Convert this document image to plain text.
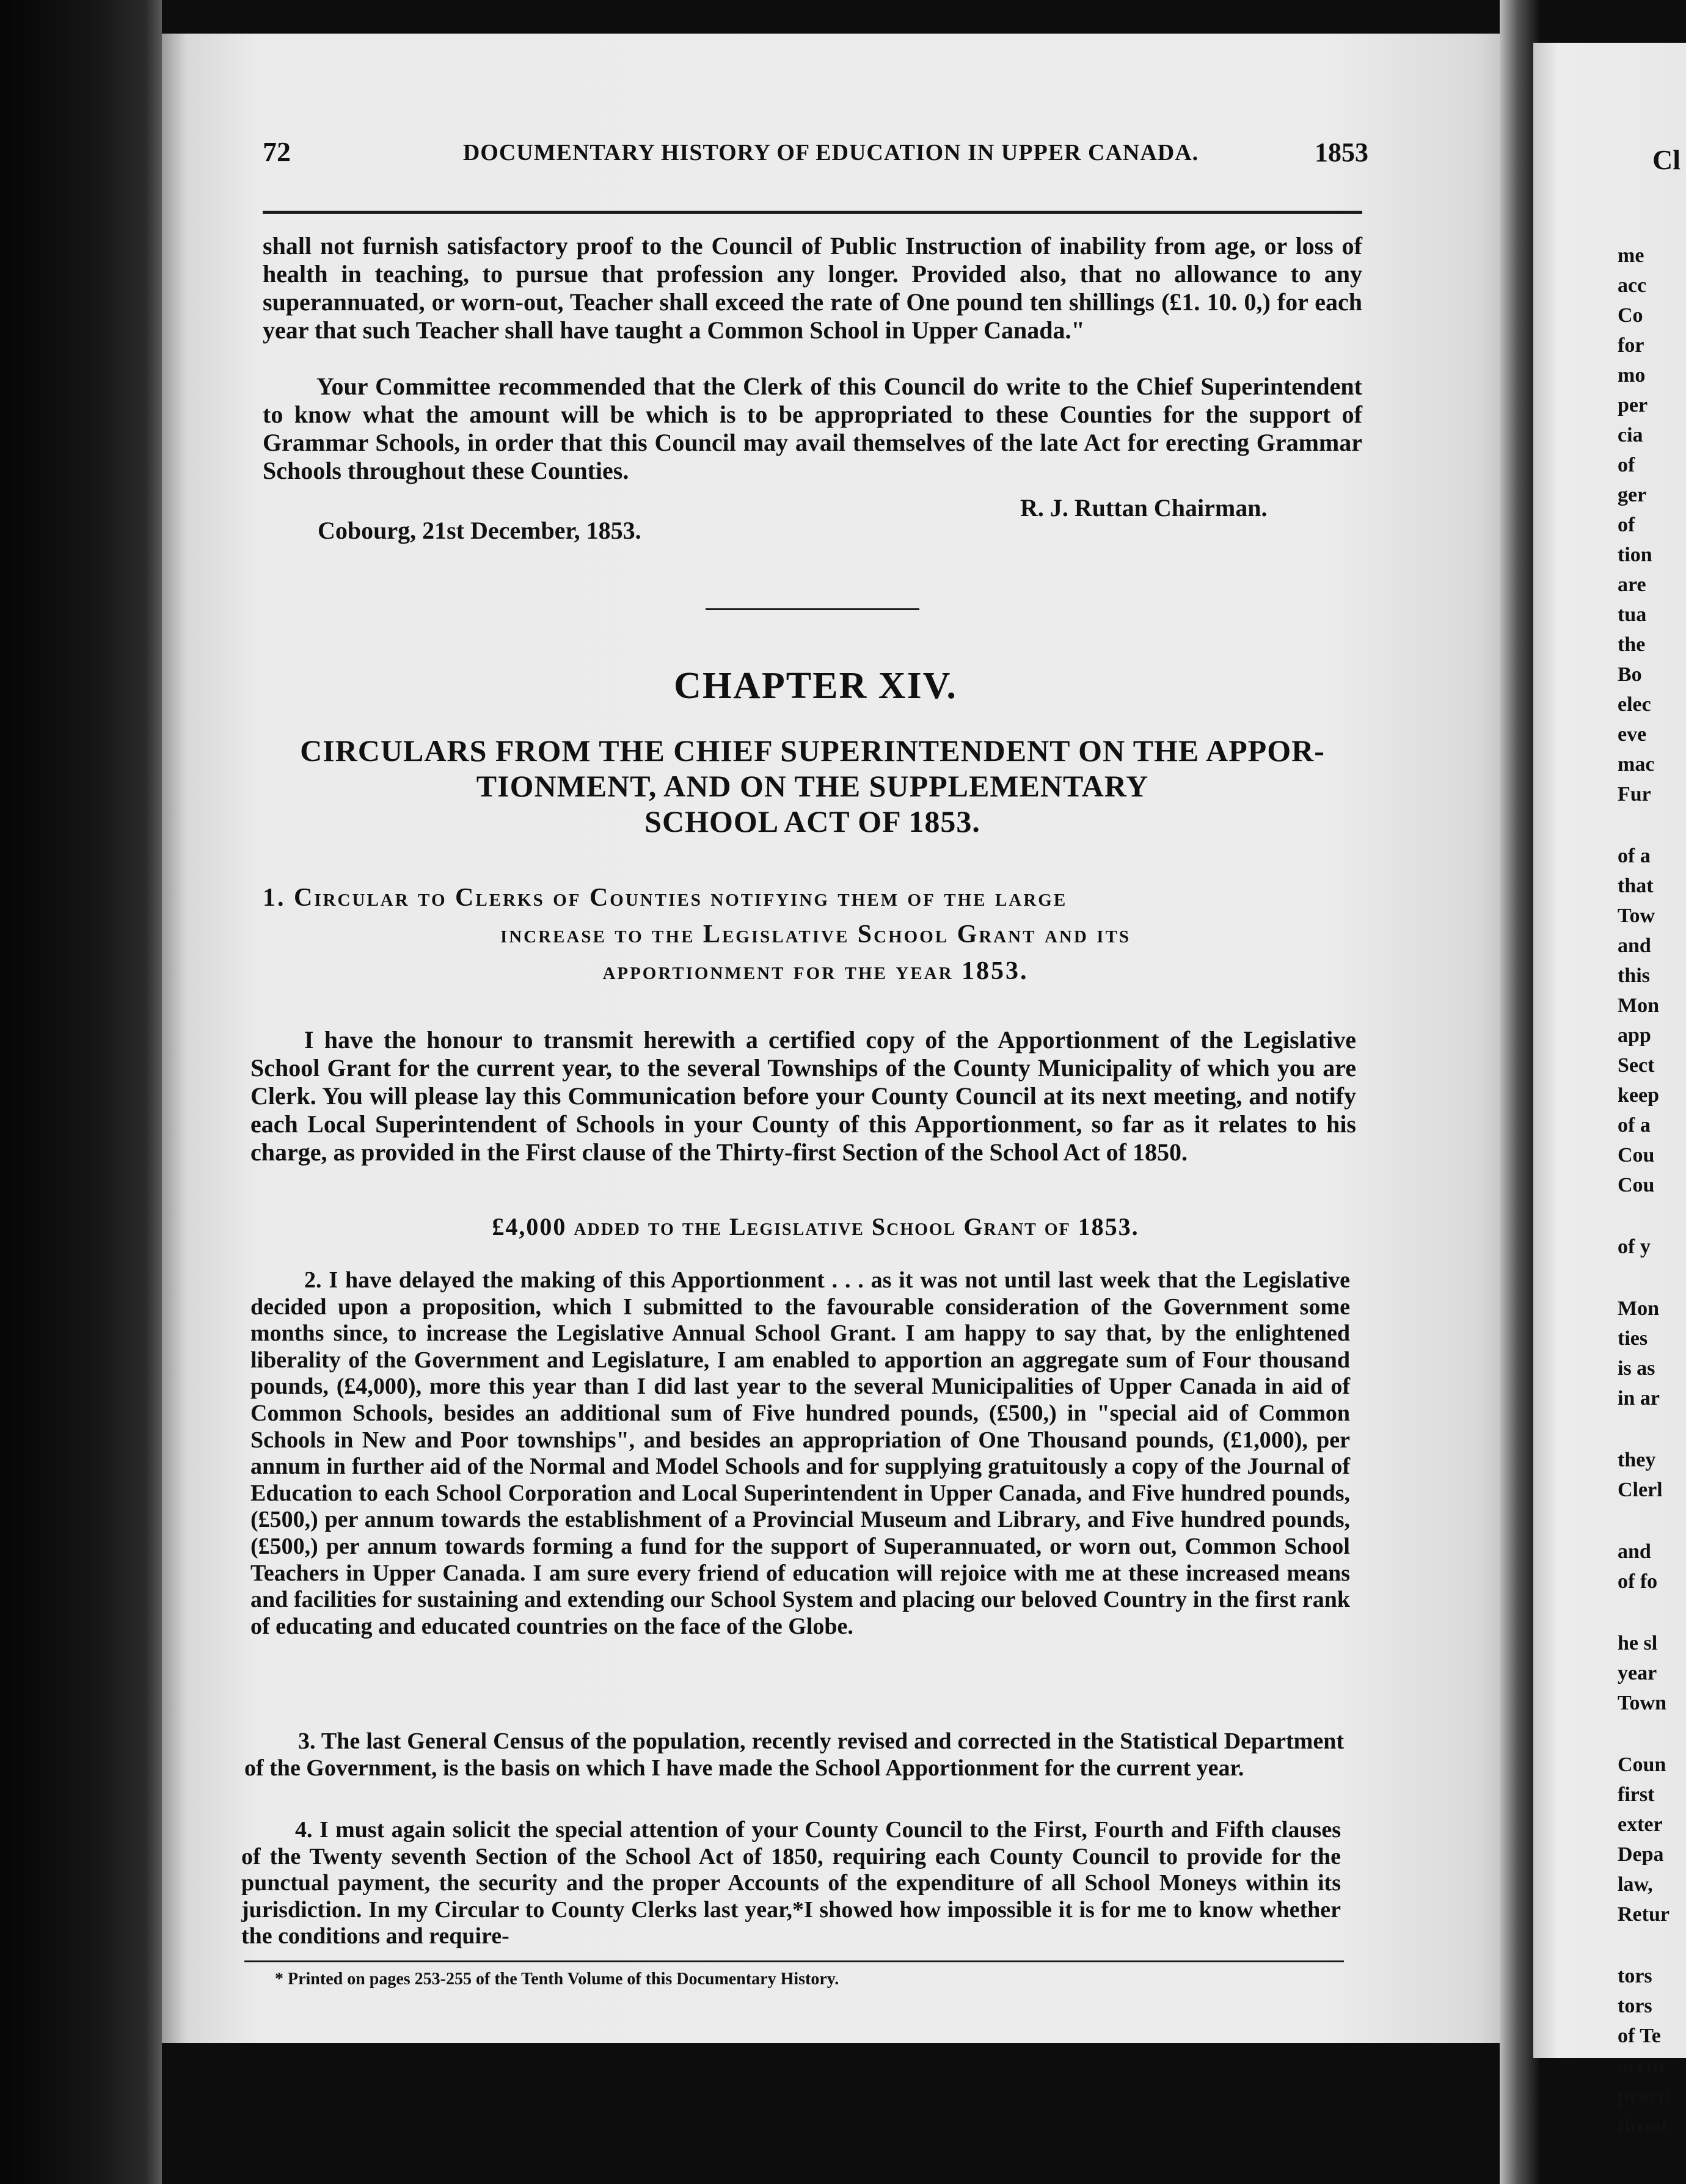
72	DOCUMENTARY HISTORY OF EDUCATION IN UPPER CANADA.	1853
shall not furnish satisfactory proof to the Council of Public Instruction of inability from age, or loss of health in teaching, to pursue that profession any longer. Provided also, that no allowance to any superannuated, or worn-out, Teacher shall exceed the rate of One pound ten shillings (£1. 10. 0,) for each year that such Teacher shall have taught a Common School in Upper Canada."
Your Committee recommended that the Clerk of this Council do write to the Chief Superintendent to know what the amount will be which is to be appropriated to these Counties for the support of Grammar Schools, in order that this Council may avail themselves of the late Act for erecting Grammar Schools throughout these Counties.
R. J. Ruttan Chairman.
Cobourg, 21st December, 1853.
CHAPTER XIV.
CIRCULARS FROM THE CHIEF SUPERINTENDENT ON THE APPOR-
TIONMENT, AND ON THE SUPPLEMENTARY
SCHOOL ACT OF 1853.
1. Circular to Clerks of Counties notifying them of the large
increase to the Legislative School Grant and its
apportionment for the year 1853.
I have the honour to transmit herewith a certified copy of the Apportionment of the Legislative School Grant for the current year, to the several Townships of the County Municipality of which you are Clerk. You will please lay this Communication before your County Council at its next meeting, and notify each Local Superintendent of Schools in your County of this Apportionment, so far as it relates to his charge, as provided in the First clause of the Thirty-first Section of the School Act of 1850.
£4,000 added to the Legislative School Grant of 1853.
2. I have delayed the making of this Apportionment . . . as it was not until last week that the Legislative decided upon a proposition, which I submitted to the favourable consideration of the Government some months since, to increase the Legislative Annual School Grant. I am happy to say that, by the enlightened liberality of the Government and Legislature, I am enabled to apportion an aggregate sum of Four thousand pounds, (£4,000), more this year than I did last year to the several Municipalities of Upper Canada in aid of Common Schools, besides an additional sum of Five hundred pounds, (£500,) in "special aid of Common Schools in New and Poor townships", and besides an appropriation of One Thousand pounds, (£1,000), per annum in further aid of the Normal and Model Schools and for supplying gratuitously a copy of the Journal of Education to each School Corporation and Local Superintendent in Upper Canada, and Five hundred pounds, (£500,) per annum towards the establishment of a Provincial Museum and Library, and Five hundred pounds, (£500,) per annum towards forming a fund for the support of Superannuated, or worn out, Common School Teachers in Upper Canada. I am sure every friend of education will rejoice with me at these increased means and facilities for sustaining and extending our School System and placing our beloved Country in the first rank of educating and educated countries on the face of the Globe.
3. The last General Census of the population, recently revised and corrected in the Statistical Department of the Government, is the basis on which I have made the School Apportionment for the current year.
4. I must again solicit the special attention of your County Council to the First, Fourth and Fifth clauses of the Twenty seventh Section of the School Act of 1850, requiring each County Council to provide for the punctual payment, the security and the proper Accounts of the expenditure of all School Moneys within its jurisdiction. In my Circular to County Clerks last year,*I showed how impossible it is for me to know whether the conditions and require-
* Printed on pages 253-255 of the Tenth Volume of this Documentary History.
Cl
me
acc
Co
for
mo
per
cia
of
ger
of
tion
are
tua
the
Bo
elec
eve
mac
Fur
of a
that
Tow
and
this
Mon
app
Sect
keep
of a
Cou
Cou
of y
Mon
ties
is as
in ar
they
Clerl
and
of fo
he sl
year
Town
Coun
first
exter
Depa
law,
Retur
tors
tors
of Te
accur
practi
throu
